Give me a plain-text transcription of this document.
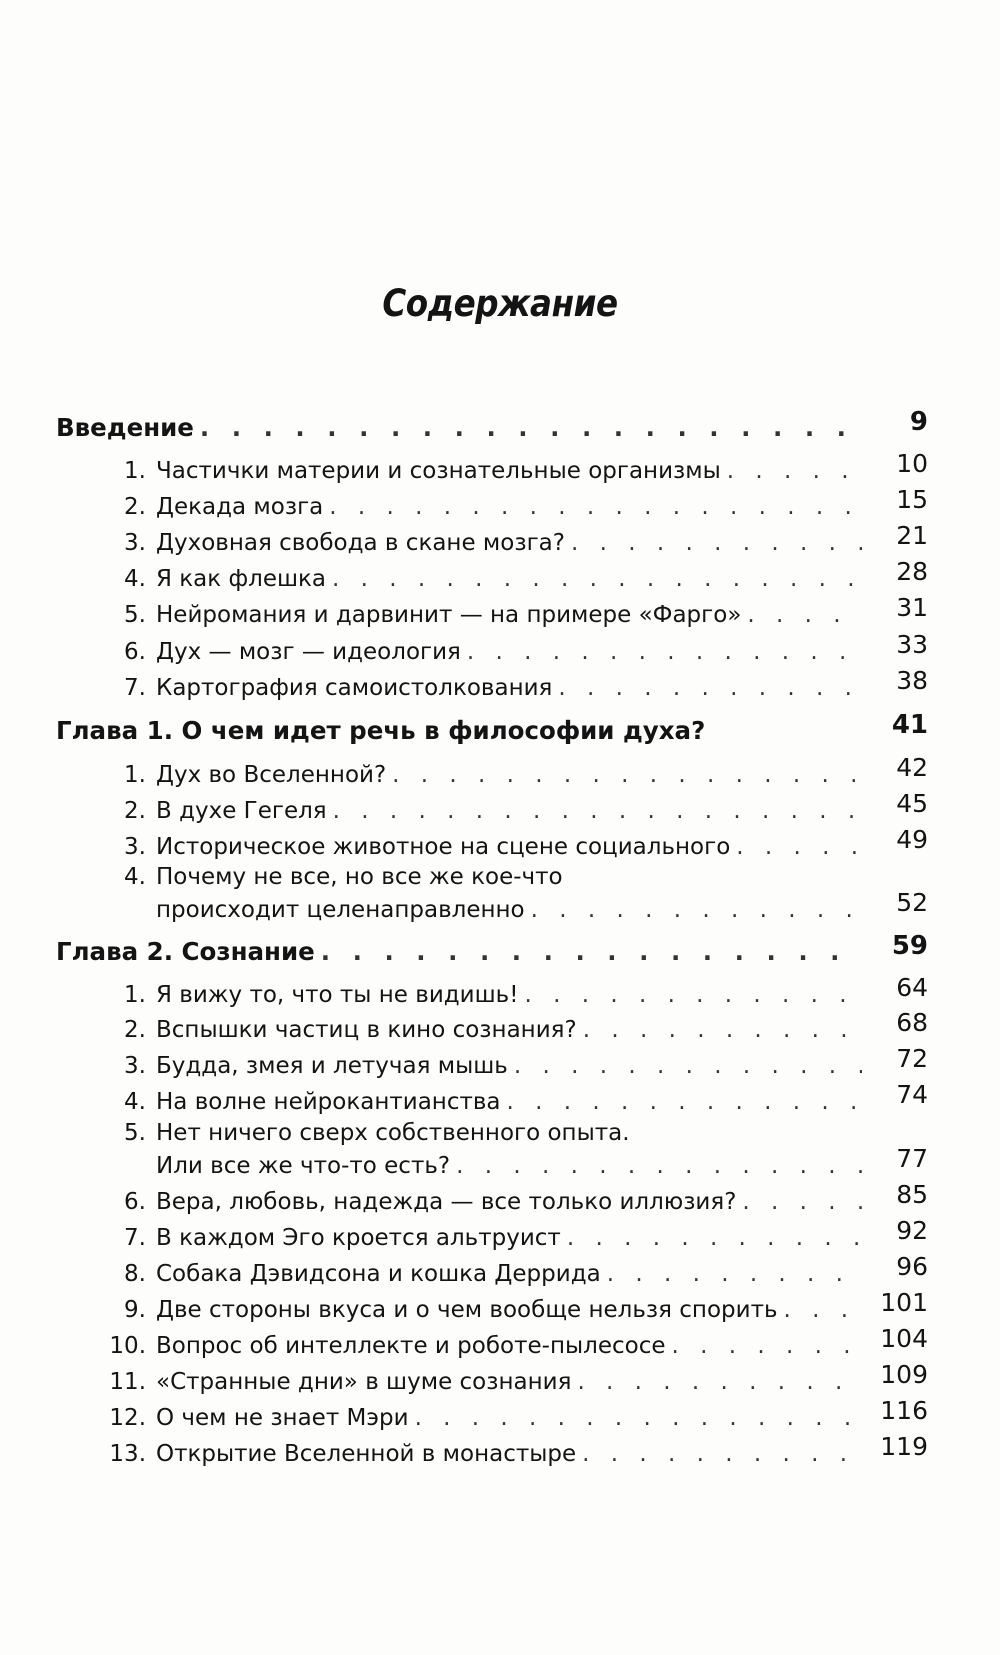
Содержание
Введение . . .	9
1. Частички материи и сознательные организмы . . .	10
2. Декада мозга . . .	15
3. Духовная свобода в скане мозга? . . .	21
4. Я как флешка . . .	28
5. Нейромания и дарвинит — на примере «Фарго» . . .	31
6. Дух — мозг — идеология . . .	33
7. Картография самоистолкования . . .	38
Глава 1. О чем идет речь в философии духа?	41
1. Дух во Вселенной? . . .	42
2. В духе Гегеля . . .	45
3. Историческое животное на сцене социального . . .	49
4. Почему не все, но все же кое-что
происходит целенаправленно . . .	52
Глава 2. Сознание . . .	59
1. Я вижу то, что ты не видишь! . . .	64
2. Вспышки частиц в кино сознания? . . .	68
3. Будда, змея и летучая мышь . . .	72
4. На волне нейрокантианства . . .	74
5. Нет ничего сверх собственного опыта.
Или все же что-то есть? . . .	77
6. Вера, любовь, надежда — все только иллюзия? . . .	85
7. В каждом Эго кроется альтруист . . .	92
8. Собака Дэвидсона и кошка Деррида . . .	96
9. Две стороны вкуса и о чем вообще нельзя спорить . . .	101
10. Вопрос об интеллекте и роботе-пылесосе . . .	104
11. «Странные дни» в шуме сознания . . .	109
12. О чем не знает Мэри . . .	116
13. Открытие Вселенной в монастыре . . .	119
